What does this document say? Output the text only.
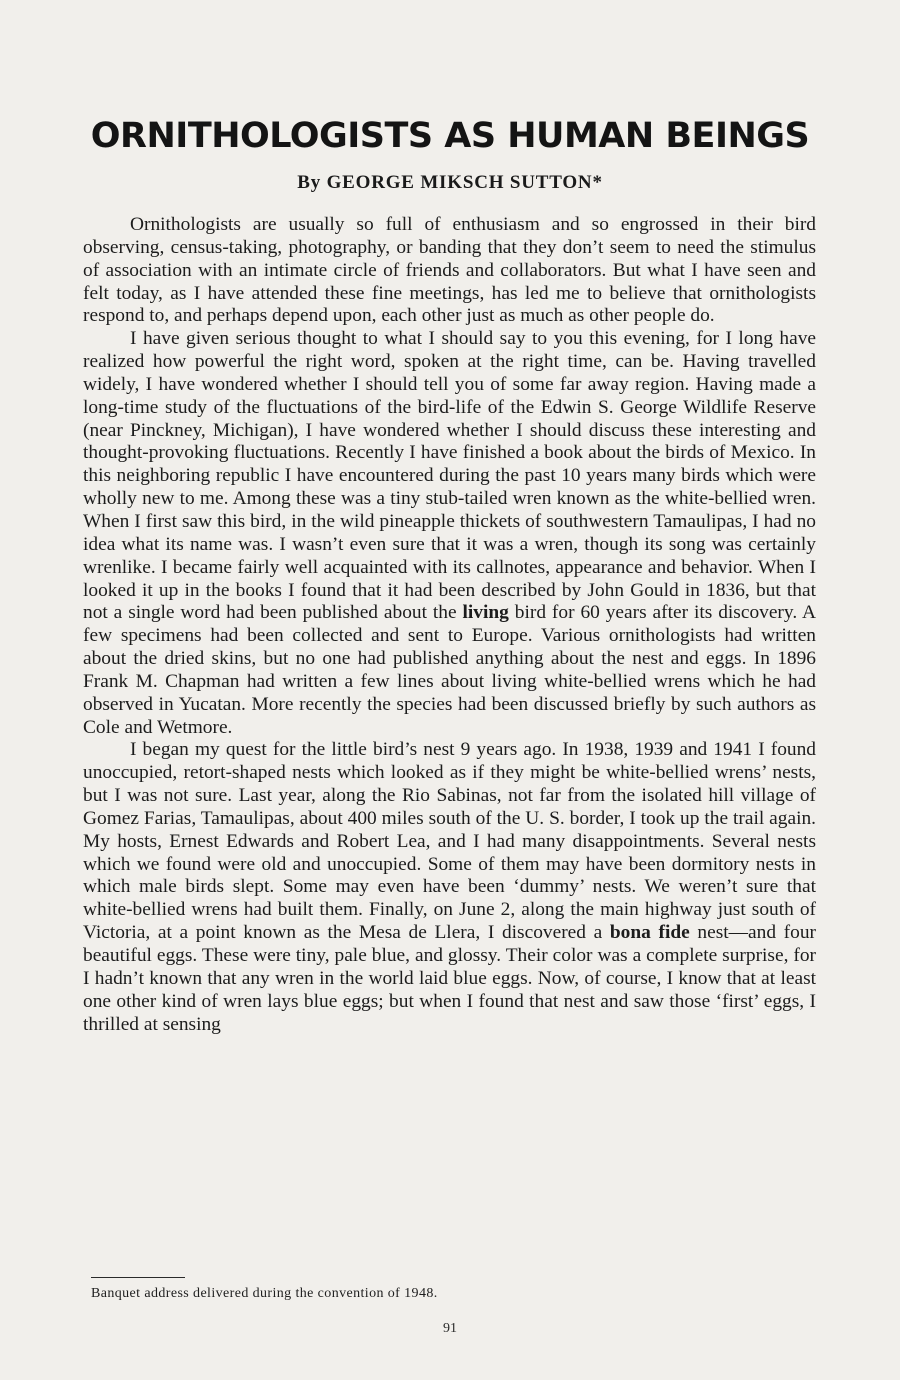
ORNITHOLOGISTS AS HUMAN BEINGS
By GEORGE MIKSCH SUTTON*

Ornithologists are usually so full of enthusiasm and so engrossed in their bird observing, census-taking, photography, or banding that they don’t seem to need the stimulus of association with an intimate circle of friends and collaborators. But what I have seen and felt today, as I have attended these fine meetings, has led me to believe that ornithologists respond to, and perhaps depend upon, each other just as much as other people do.

I have given serious thought to what I should say to you this evening, for I long have realized how powerful the right word, spoken at the right time, can be. Having travelled widely, I have wondered whether I should tell you of some far away region. Having made a long-time study of the fluctuations of the bird-life of the Edwin S. George Wildlife Reserve (near Pinckney, Michigan), I have wondered whether I should discuss these interesting and thought-provoking fluctuations. Recently I have finished a book about the birds of Mexico. In this neighboring republic I have encountered during the past 10 years many birds which were wholly new to me. Among these was a tiny stub-tailed wren known as the white-bellied wren. When I first saw this bird, in the wild pineapple thickets of southwestern Tamaulipas, I had no idea what its name was. I wasn’t even sure that it was a wren, though its song was certainly wrenlike. I became fairly well acquainted with its callnotes, appearance and behavior. When I looked it up in the books I found that it had been described by John Gould in 1836, but that not a single word had been published about the living bird for 60 years after its discovery. A few specimens had been collected and sent to Europe. Various ornithologists had written about the dried skins, but no one had published anything about the nest and eggs. In 1896 Frank M. Chapman had written a few lines about living white-bellied wrens which he had observed in Yucatan. More recently the species had been discussed briefly by such authors as Cole and Wetmore.

I began my quest for the little bird’s nest 9 years ago. In 1938, 1939 and 1941 I found unoccupied, retort-shaped nests which looked as if they might be white-bellied wrens’ nests, but I was not sure. Last year, along the Rio Sabinas, not far from the isolated hill village of Gomez Farias, Tamaulipas, about 400 miles south of the U. S. border, I took up the trail again. My hosts, Ernest Edwards and Robert Lea, and I had many disappointments. Several nests which we found were old and unoccupied. Some of them may have been dormitory nests in which male birds slept. Some may even have been ‘dummy’ nests. We weren’t sure that white-bellied wrens had built them. Finally, on June 2, along the main highway just south of Victoria, at a point known as the Mesa de Llera, I discovered a bona fide nest—and four beautiful eggs. These were tiny, pale blue, and glossy. Their color was a complete surprise, for I hadn’t known that any wren in the world laid blue eggs. Now, of course, I know that at least one other kind of wren lays blue eggs; but when I found that nest and saw those ‘first’ eggs, I thrilled at sensing

Banquet address delivered during the convention of 1948.
91
